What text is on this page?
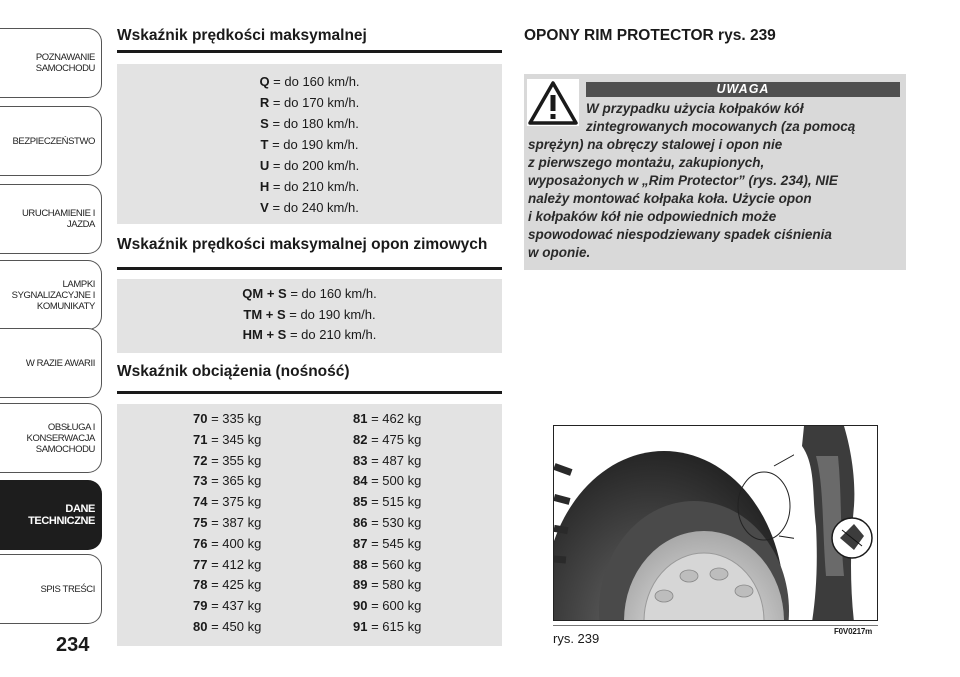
POZNAWANIE
SAMOCHODU
BEZPIECZEŃSTWO
URUCHAMIENIE I
JAZDA
LAMPKI
SYGNALIZACYJNE I
KOMUNIKATY
W RAZIE AWARII
OBSŁUGA I
KONSERWACJA
SAMOCHODU
DANE
TECHNICZNE
SPIS TREŚCI
234
Wskaźnik prędkości maksymalnej
Q = do 160 km/h.
R = do 170 km/h.
S = do 180 km/h.
T = do 190 km/h.
U = do 200 km/h.
H = do 210 km/h.
V = do 240 km/h.
Wskaźnik prędkości maksymalnej opon zimowych
QM + S = do 160 km/h.
TM + S = do 190 km/h.
HM + S = do 210 km/h.
Wskaźnik obciążenia (nośność)
70 = 335 kg
71 = 345 kg
72 = 355 kg
73 = 365 kg
74 = 375 kg
75 = 387 kg
76 = 400 kg
77 = 412 kg
78 = 425 kg
79 = 437 kg
80 = 450 kg
81 = 462 kg
82 = 475 kg
83 = 487 kg
84 = 500 kg
85 = 515 kg
86 = 530 kg
87 = 545 kg
88 = 560 kg
89 = 580 kg
90 = 600 kg
91 = 615 kg
OPONY RIM PROTECTOR rys. 239
UWAGA
W przypadku użycia kołpaków kół
zintegrowanych mocowanych (za pomocą
sprężyn) na obręczy stalowej i opon nie
z pierwszego montażu, zakupionych,
wyposażonych w „Rim Protector” (rys. 234), NIE
należy montować kołpaka koła. Użycie opon
i kołpaków kół nie odpowiednich może
spowodować niespodziewany spadek ciśnienia
w oponie.
rys. 239	F0V0217m
